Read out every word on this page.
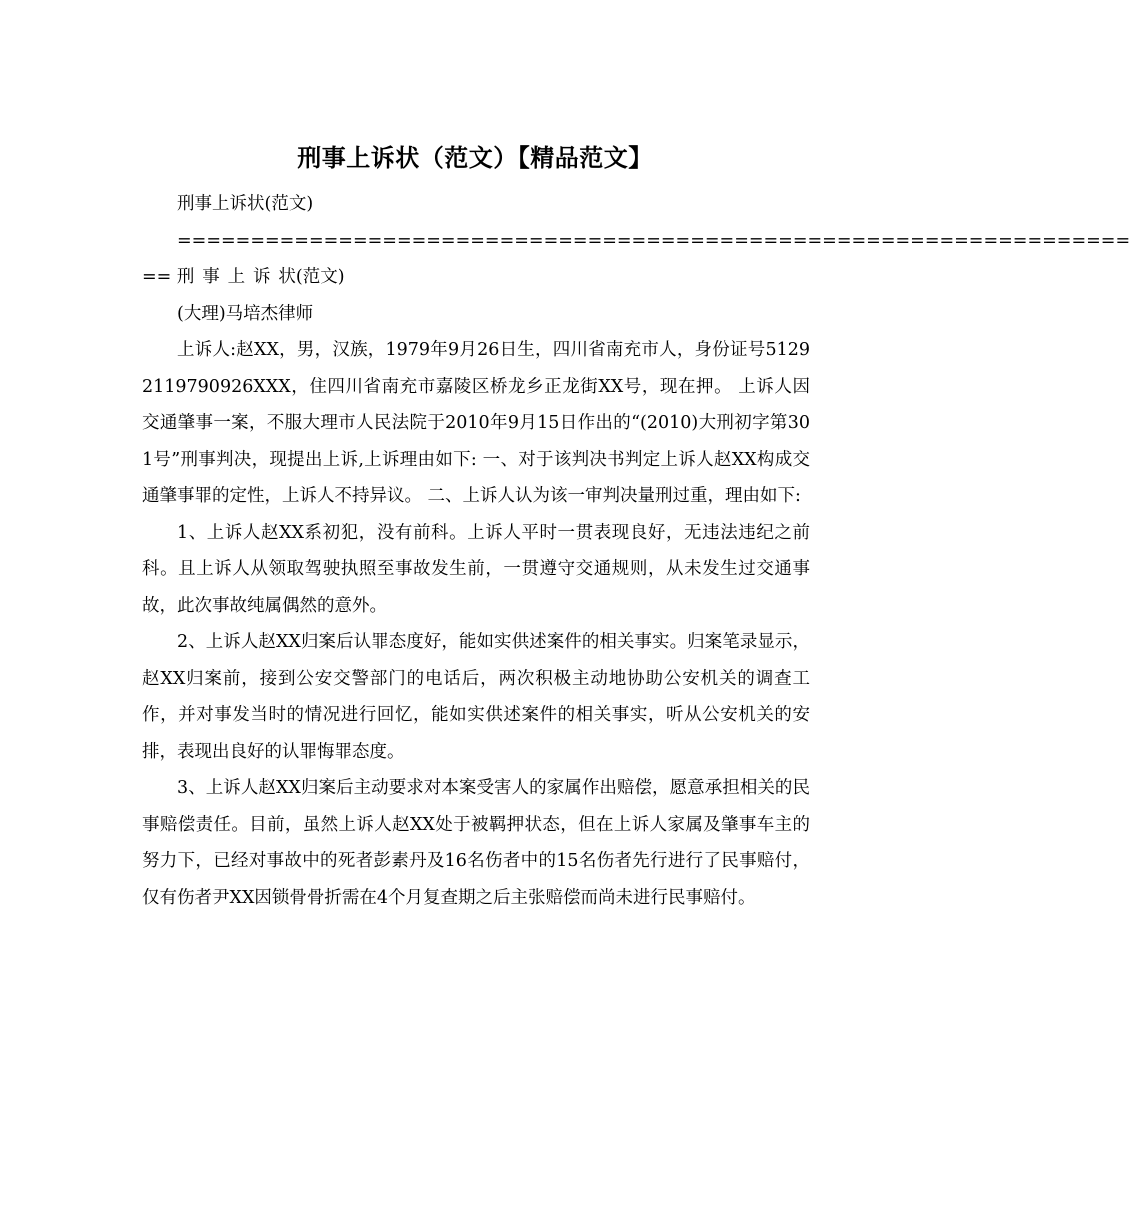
刑事上诉状（范文）【精品范文】

刑事上诉状(范文)

=================================================================

== 刑事上诉状(范文)

(大理)马培杰律师

上诉人:赵XX，男，汉族，1979年9月26日生，四川省南充市人，身份证号51292119790926XXX，住四川省南充市嘉陵区桥龙乡正龙街XX号，现在押。 上诉人因交通肇事一案，不服大理市人民法院于2010年9月15日作出的“(2010)大刑初字第301号”刑事判决，现提出上诉,上诉理由如下: 一、对于该判决书判定上诉人赵XX构成交通肇事罪的定性，上诉人不持异议。 二、上诉人认为该一审判决量刑过重，理由如下:

1、上诉人赵XX系初犯，没有前科。上诉人平时一贯表现良好，无违法违纪之前科。且上诉人从领取驾驶执照至事故发生前，一贯遵守交通规则，从未发生过交通事故，此次事故纯属偶然的意外。

2、上诉人赵XX归案后认罪态度好，能如实供述案件的相关事实。归案笔录显示，赵XX归案前，接到公安交警部门的电话后，两次积极主动地协助公安机关的调查工作，并对事发当时的情况进行回忆，能如实供述案件的相关事实，听从公安机关的安排，表现出良好的认罪悔罪态度。

3、上诉人赵XX归案后主动要求对本案受害人的家属作出赔偿，愿意承担相关的民事赔偿责任。目前，虽然上诉人赵XX处于被羁押状态，但在上诉人家属及肇事车主的努力下，已经对事故中的死者彭素丹及16名伤者中的15名伤者先行进行了民事赔付，仅有伤者尹XX因锁骨骨折需在4个月复查期之后主张赔偿而尚未进行民事赔付。
